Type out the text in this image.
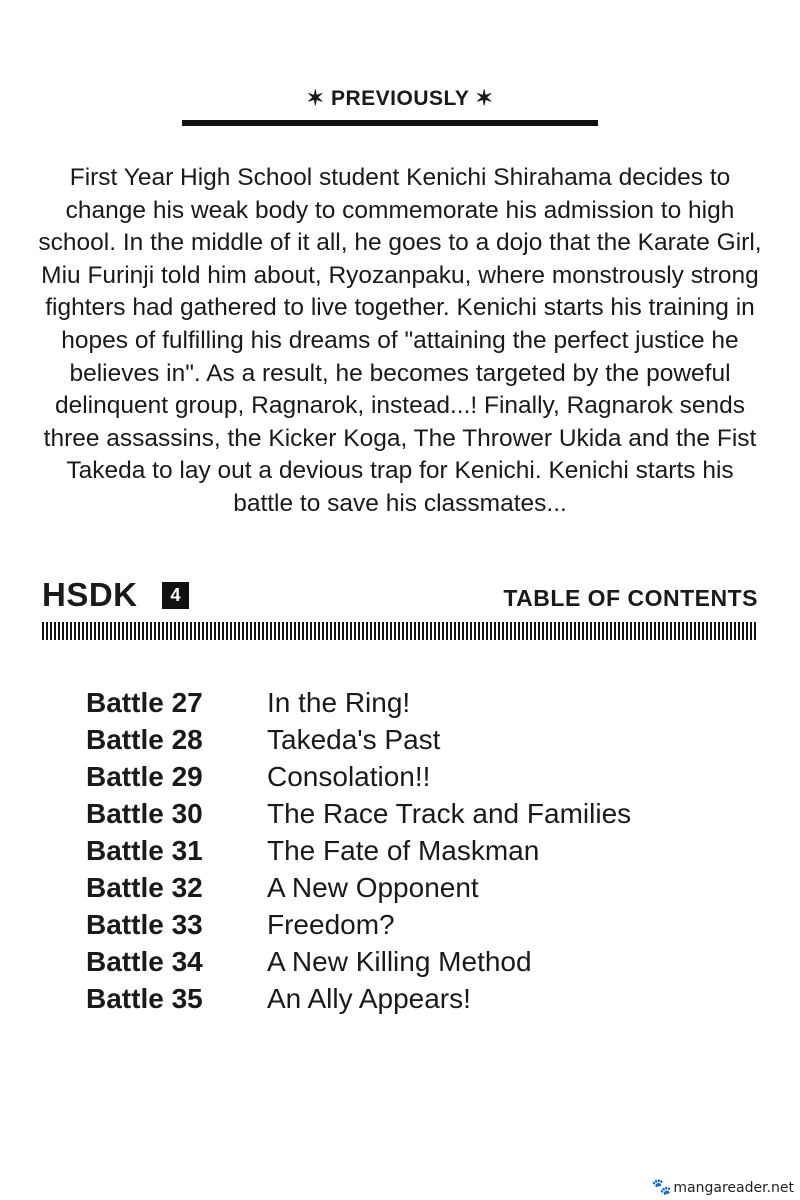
✶ PREVIOUSLY ✶

First Year High School student Kenichi Shirahama decides to change his weak body to commemorate his admission to high school. In the middle of it all, he goes to a dojo that the Karate Girl, Miu Furinji told him about, Ryozanpaku, where monstrously strong fighters had gathered to live together. Kenichi starts his training in hopes of fulfilling his dreams of "attaining the perfect justice he believes in". As a result, he becomes targeted by the poweful delinquent group, Ragnarok, instead...! Finally, Ragnarok sends three assassins, the Kicker Koga, The Thrower Ukida and the Fist Takeda to lay out a devious trap for Kenichi. Kenichi starts his battle to save his classmates...

HSDK	4	TABLE OF CONTENTS
Battle 27 In the Ring!
Battle 28 Takeda's Past
Battle 29 Consolation!!
Battle 30 The Race Track and Families
Battle 31 The Fate of Maskman
Battle 32 A New Opponent
Battle 33 Freedom?
Battle 34 A New Killing Method
Battle 35 An Ally Appears!
🐾 mangareader.net
